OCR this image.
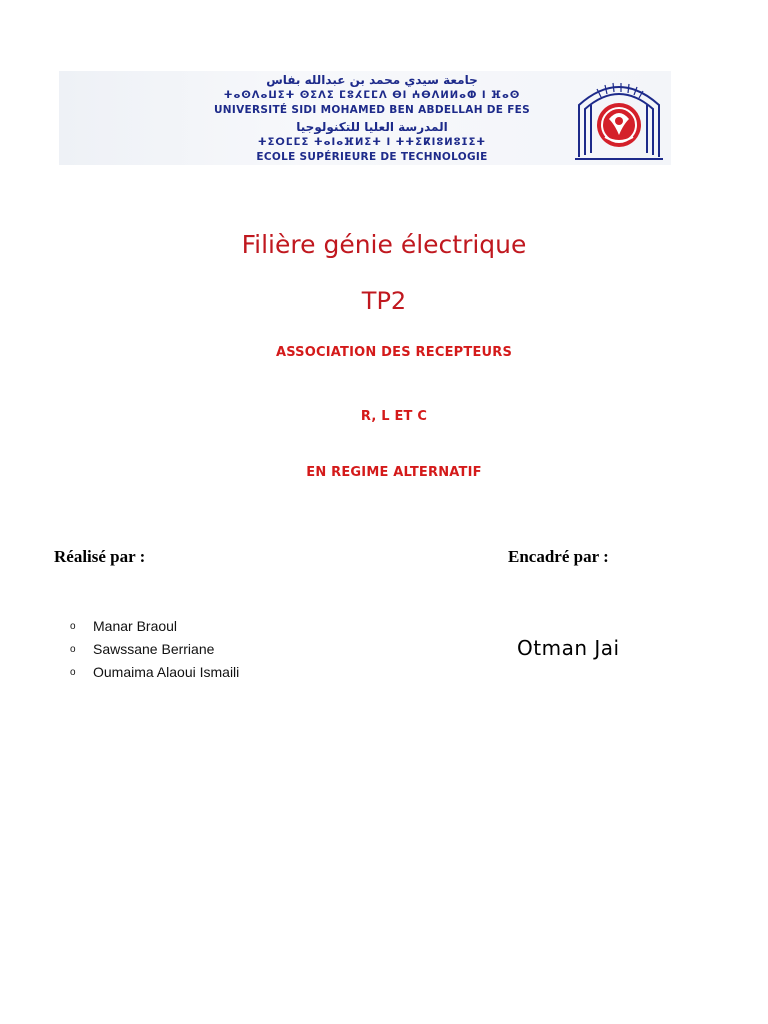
جامعة سيدي محمد بن عبدالله بفاس
ⵜⴰⵙⴷⴰⵡⵉⵜ ⵙⵉⴷⵉ ⵎⵓⵃⵎⵎⴷ ⴱⵏ ⵄⴱⴷⵍⵍⴰⵀ ⵏ ⴼⴰⵙ
UNIVERSITÉ SIDI MOHAMED BEN ABDELLAH DE FES
المدرسة العليا للتكنولوجيا
ⵜⵉⵔⵎⵎⵉ ⵜⴰⵏⴰⴼⵍⵉⵜ ⵏ ⵜⵜⵉⴽⵏⵓⵍⵓⵊⵉⵜ
ECOLE SUPÉRIEURE DE TECHNOLOGIE
Filière génie électrique
TP2
ASSOCIATION DES RECEPTEURS
R, L ET C
EN REGIME ALTERNATIF
Réalisé par :	Encadré par :
o Manar Braoul
o Sawssane Berriane
o Oumaima Alaoui Ismaili
Otman Jai
